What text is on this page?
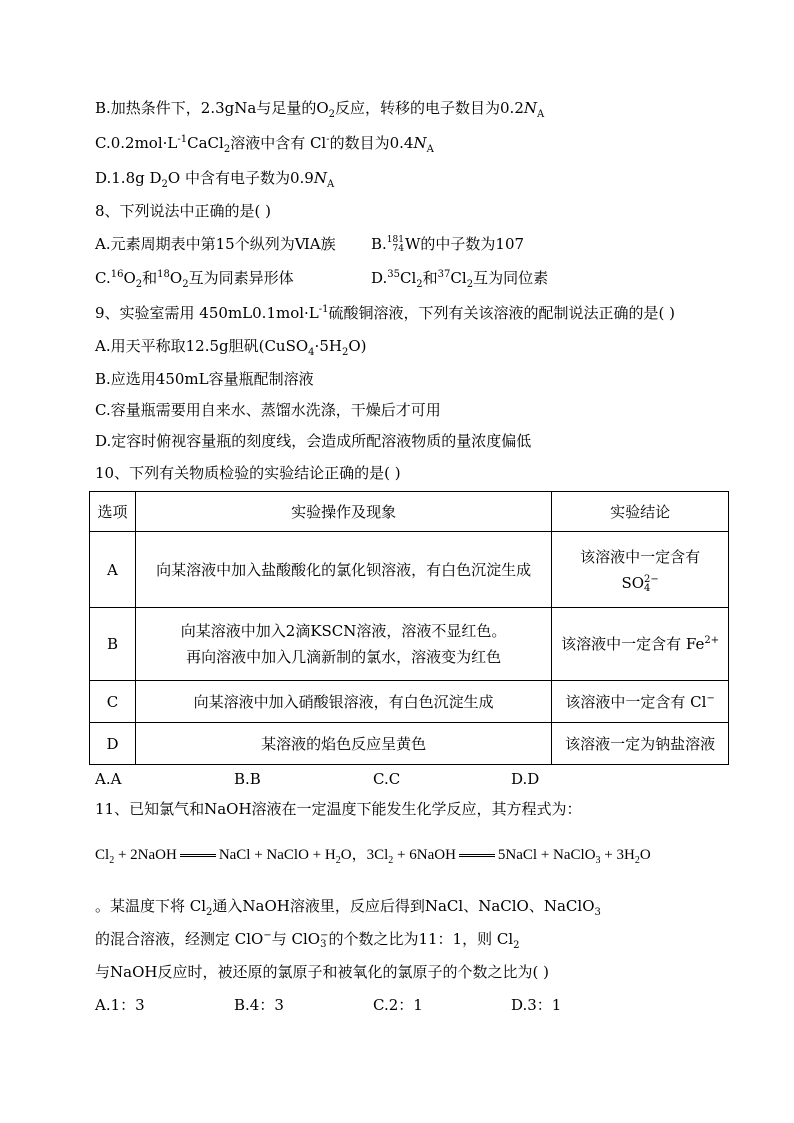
B.加热条件下，2.3gNa与足量的$O_2$反应，转移的电子数目为$0.2N_A$
$C.0.2mol\cdot L^{-1}CaCl_2$溶液中含有 Cl-的数目为$0.4N_A$
D.1.8g $D_2O$ 中含有电子数为$0.9N_A$
8、下列说法中正确的是( )
A.元素周期表中第15个纵列为ⅥA族 B. 181
74 W的中子数为107
$C.^{16}O_2$和$^{18}O_2$互为同素异形体	$D.^{35}Cl_2$和$^{37}Cl_2$互为同位素
9、实验室需用 $450mL0.1mol\cdot L^{-1}$硫酸铜溶液，下列有关该溶液的配制说法正确的是( )
A.用天平称取12.5g胆矾$(CuSO_4\cdot 5H_2O)$
B.应选用450mL容量瓶配制溶液
C.容量瓶需要用自来水、蒸馏水洗涤，干燥后才可用
D.定容时俯视容量瓶的刻度线，会造成所配溶液物质的量浓度偏低
10、下列有关物质检验的实验结论正确的是( )
选项	实验操作及现象	实验结论
A	向某溶液中加入盐酸酸化的氯化钡溶液，有白色沉淀生成	该溶液中一定含有
SO 2−
4

B	向某溶液中加入2滴KSCN溶液，溶液不显红色。
再向溶液中加入几滴新制的氯水，溶液变为红色	该溶液中一定含有 $Fe^{2+}$
C	向某溶液中加入硝酸银溶液，有白色沉淀生成	该溶液中一定含有 Cl−
D	某溶液的焰色反应呈黄色	该溶液一定为钠盐溶液
A.A	B.B	C.C	D.D
11、已知氯气和NaOH溶液在一定温度下能发生化学反应，其方程式为：
$Cl_2$ + 2NaOH	NaCl + NaClO + $H_2O$，$3Cl_2$ + 6NaOH	5NaCl + NaClO$_3$ + $3H_2O$
。某温度下将 $Cl_2$通入NaOH溶液里，反应后得到NaCl、NaClO、NaClO$_3$
的混合溶液，经测定 ClO−与 ClO −
3 的个数之比为11：1，则 $Cl_2$
与NaOH反应时，被还原的氯原子和被氧化的氯原子的个数之比为( )
A.1：3	B.4：3	C.2：1	D.3：1
